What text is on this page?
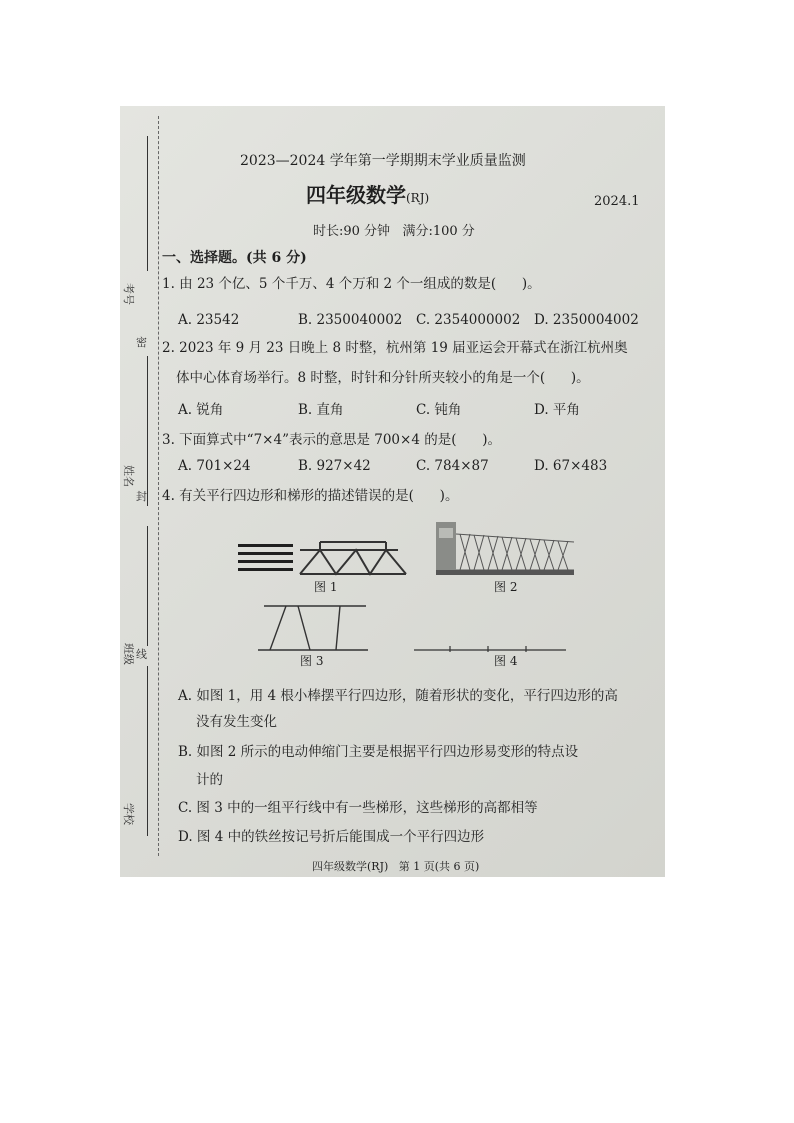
考号
姓名
班级
学校
密
封
线
2023—2024 学年第一学期期末学业质量监测
四年级数学(RJ)	2024.1
时长:90 分钟   满分:100 分
一、选择题。(共 6 分)
1. 由 23 个亿、5 个千万、4 个万和 2 个一组成的数是(      )。
A. 23542	B. 2350040002 C. 2354000002 D. 2350004002
2. 2023 年 9 月 23 日晚上 8 时整，杭州第 19 届亚运会开幕式在浙江杭州奥
体中心体育场举行。8 时整，时针和分针所夹较小的角是一个(      )。
A. 锐角	B. 直角	C. 钝角	D. 平角
3. 下面算式中“7×4”表示的意思是 700×4 的是(      )。
A. 701×24	B. 927×42	C. 784×87	D. 67×483
4. 有关平行四边形和梯形的描述错误的是(      )。
图 1	图 2
图 3	图 4
A. 如图 1，用 4 根小棒摆平行四边形，随着形状的变化，平行四边形的高
没有发生变化
B. 如图 2 所示的电动伸缩门主要是根据平行四边形易变形的特点设
计的
C. 图 3 中的一组平行线中有一些梯形，这些梯形的高都相等
D. 图 4 中的铁丝按记号折后能围成一个平行四边形
四年级数学(RJ)   第 1 页(共 6 页)
